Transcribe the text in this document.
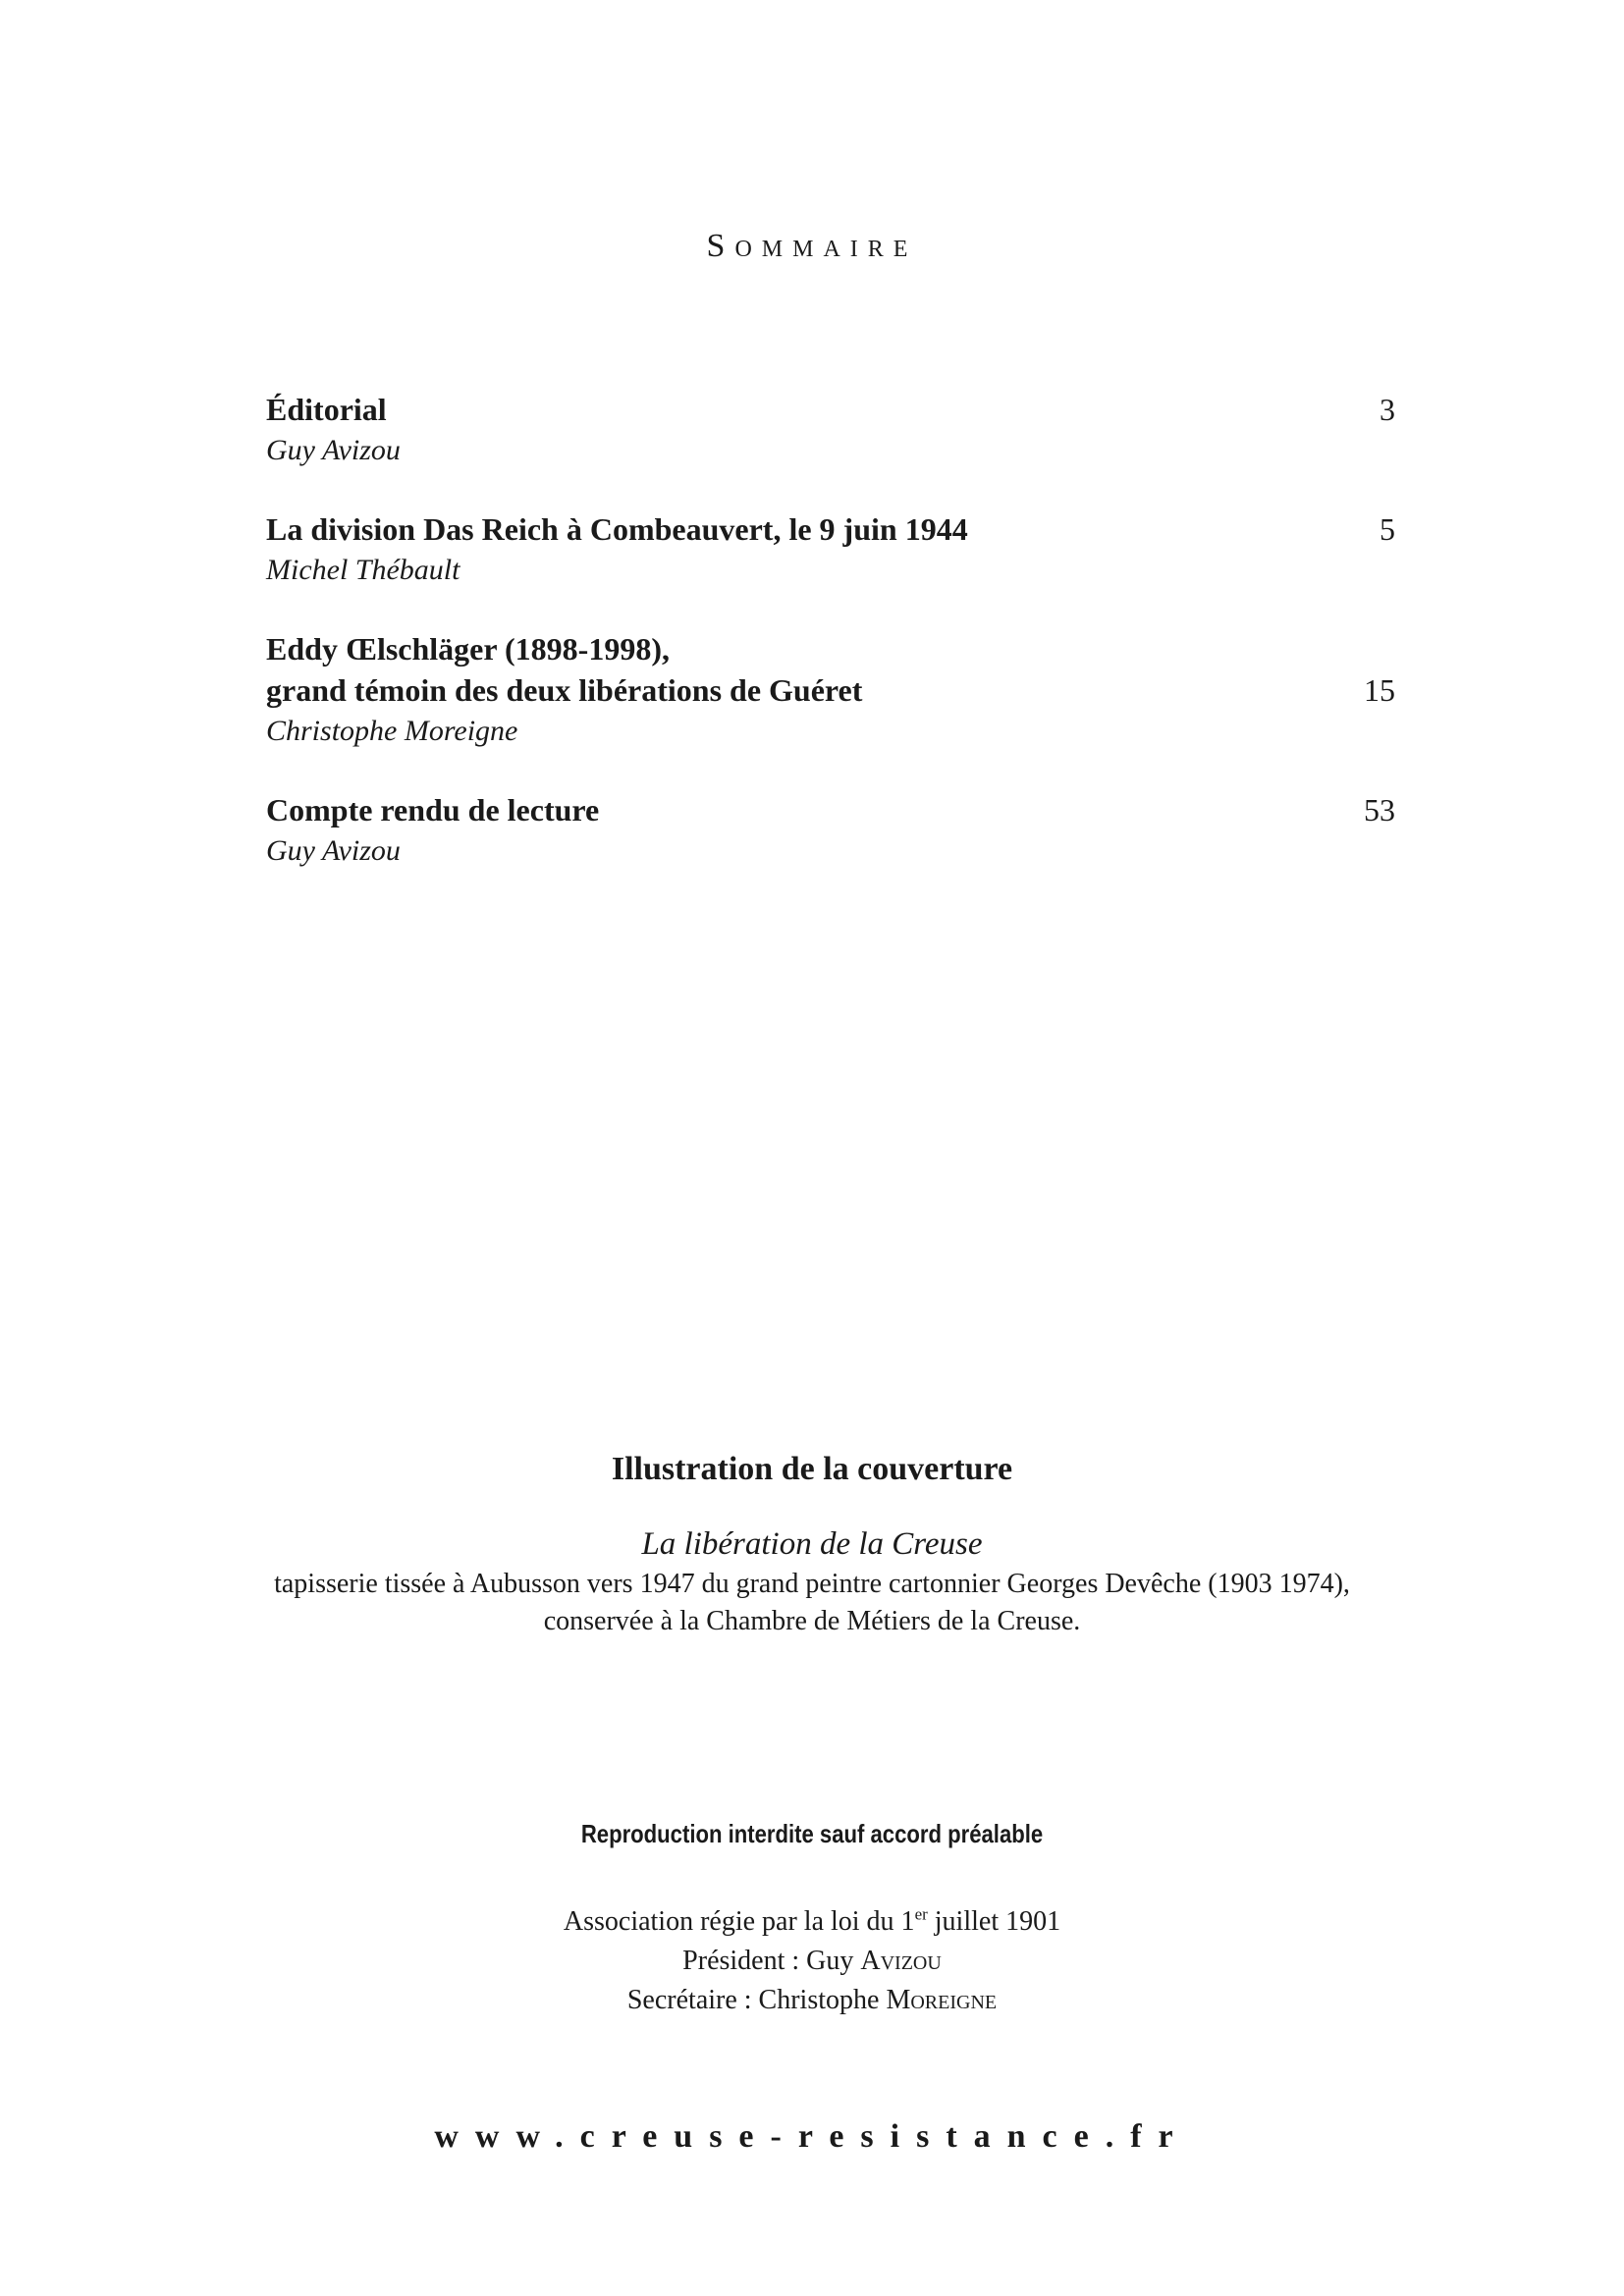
Sommaire
Éditorial
Guy Avizou
3
La division Das Reich à Combeauvert, le 9 juin 1944
Michel Thébault
5
Eddy Œlschläger (1898-1998),
grand témoin des deux libérations de Guéret
Christophe Moreigne
15
Compte rendu de lecture
Guy Avizou
53
Illustration de la couverture
La libération de la Creuse
tapisserie tissée à Aubusson vers 1947 du grand peintre cartonnier Georges Devêche (1903 1974),
conservée à la Chambre de Métiers de la Creuse.
Reproduction interdite sauf accord préalable
Association régie par la loi du 1er juillet 1901
Président : Guy Avizou
Secrétaire : Christophe Moreigne
www.creuse-resistance.fr
